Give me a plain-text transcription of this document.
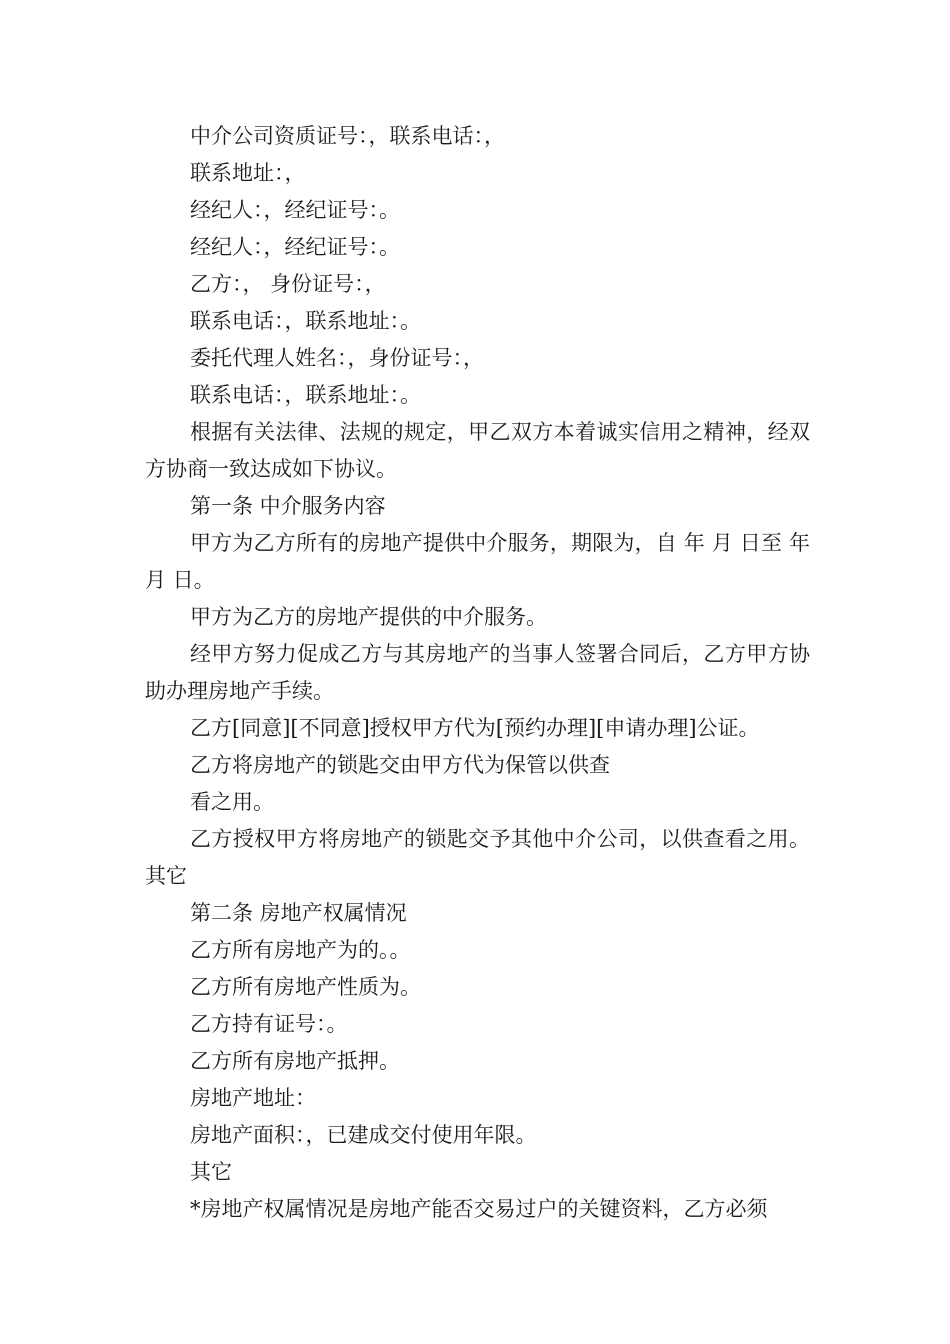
中介公司资质证号：，联系电话：，

联系地址：，

经纪人：，经纪证号：。

经纪人：，经纪证号：。

乙方：， 身份证号：，

联系电话：，联系地址：。

委托代理人姓名：，身份证号：，

联系电话：，联系地址：。

根据有关法律、法规的规定，甲乙双方本着诚实信用之精神，经双方协商一致达成如下协议。

第一条 中介服务内容

甲方为乙方所有的房地产提供中介服务，期限为，自 年 月 日至 年 月 日。

甲方为乙方的房地产提供的中介服务。

经甲方努力促成乙方与其房地产的当事人签署合同后，乙方甲方协助办理房地产手续。

乙方[同意][不同意]授权甲方代为[预约办理][申请办理]公证。

乙方将房地产的锁匙交由甲方代为保管以供查

看之用。

乙方授权甲方将房地产的锁匙交予其他中介公司，以供查看之用。 其它

第二条 房地产权属情况

乙方所有房地产为的。。

乙方所有房地产性质为。

乙方持有证号：。

乙方所有房地产抵押。

房地产地址：

房地产面积：，已建成交付使用年限。

其它

*房地产权属情况是房地产能否交易过户的关键资料，乙方必须
